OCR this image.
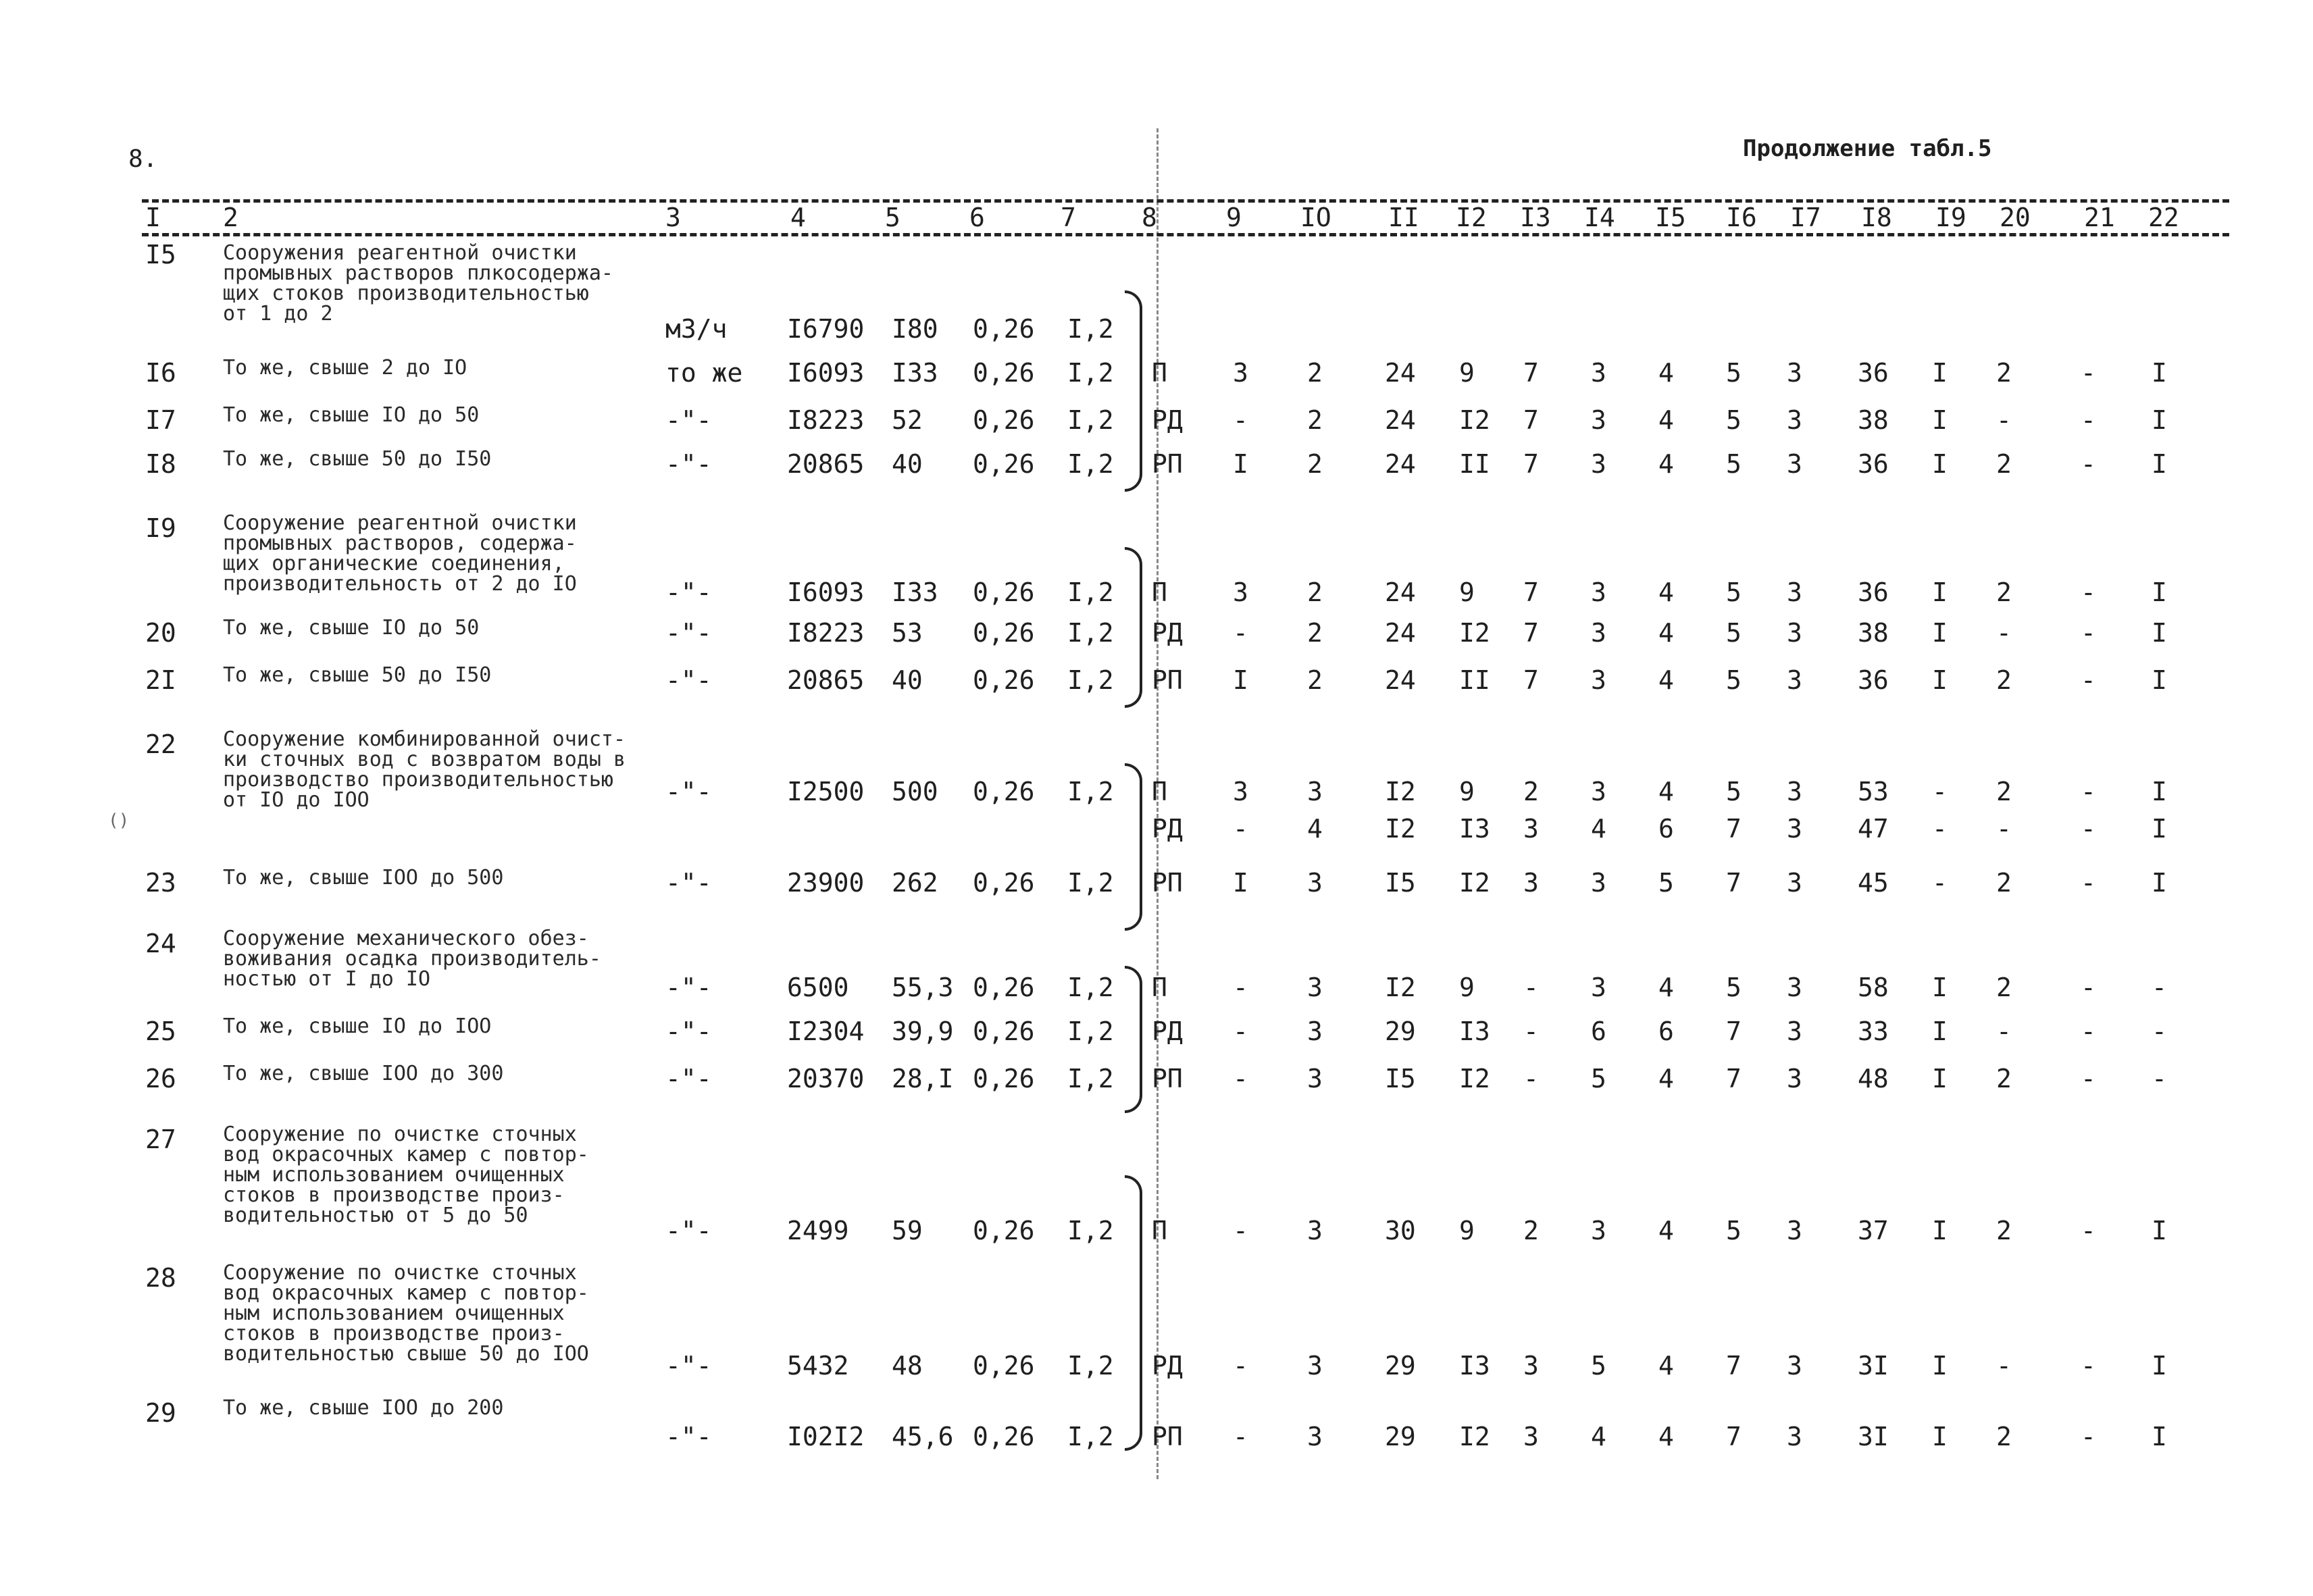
8.	Продолжение табл.5
()
I 2	3	4	5	6	7	8	9 IO II I2 I3 I4 I5 I6 I7 I8 I9 20 21 22
I5 Сооружения реагентной очистки
промывных растворов плкосодержа-
щих стоков производительностью
от 1 до 2
м3/ч I6790 I80 0,26 I,2
I6 То же, свыше 2 до IO	то же I6093 I33 0,26 I,2 П	3 2 24 9 7 3 4 5 3 36 I 2	- I
I7 То же, свыше IO до 50	-"-	I8223 52 0,26 I,2 РД - 2 24 I2 7 3 4 5 3 38 I -	- I
I8 То же, свыше 50 до I50	-"-	20865 40 0,26 I,2 РП I 2 24 II 7 3 4 5 3 36 I 2	- I
I9 Сооружение реагентной очистки
промывных растворов, содержа-
щих органические соединения,
производительность от 2 до IO	-"-	I6093 I33 0,26 I,2 П	3 2 24 9 7 3 4 5 3 36 I 2	- I
20 То же, свыше IO до 50	-"-	I8223 53 0,26 I,2 РД - 2 24 I2 7 3 4 5 3 38 I -	- I
2I То же, свыше 50 до I50	-"-	20865 40 0,26 I,2 РП I 2 24 II 7 3 4 5 3 36 I 2	- I
22 Сооружение комбинированной очист-
ки сточных вод с возвратом воды в
производство производительностью
от IO до IOO	-"-	I2500 500 0,26 I,2 П	3 3 I2 9 2 3 4 5 3 53 - 2	- I
РД - 4 I2 I3 3 4 6 7 3 47 - -	- I
23 То же, свыше IOO до 500	-"-	23900 262 0,26 I,2 РП I 3 I5 I2 3 3 5 7 3 45 - 2	- I
24 Сооружение механического обез-
воживания осадка производитель-
ностью от I до IO	-"-	6500 55,3 0,26 I,2 П	- 3 I2 9 - 3 4 5 3 58 I 2	- -
25 То же, свыше IO до IOO	-"-	I2304 39,9 0,26 I,2 РД - 3 29 I3 - 6 6 7 3 33 I -	- -
26 То же, свыше IOO до 300	-"-	20370 28,I 0,26 I,2 РП - 3 I5 I2 - 5 4 7 3 48 I 2	- -
27 Сооружение по очистке сточных
вод окрасочных камер с повтор-
ным использованием очищенных
стоков в производстве произ-
водительностью от 5 до 50
-"-	2499 59 0,26 I,2 П	- 3 30 9 2 3 4 5 3 37 I 2	- I
28 Сооружение по очистке сточных
вод окрасочных камер с повтор-
ным использованием очищенных
стоков в производстве произ-
водительностью свыше 50 до IOO	-"-	5432 48 0,26 I,2 РД - 3 29 I3 3 5 4 7 3 3I I -	- I
29 То же, свыше IOO до 200
-"-	I02I2 45,6 0,26 I,2 РП - 3 29 I2 3 4 4 7 3 3I I 2	- I
